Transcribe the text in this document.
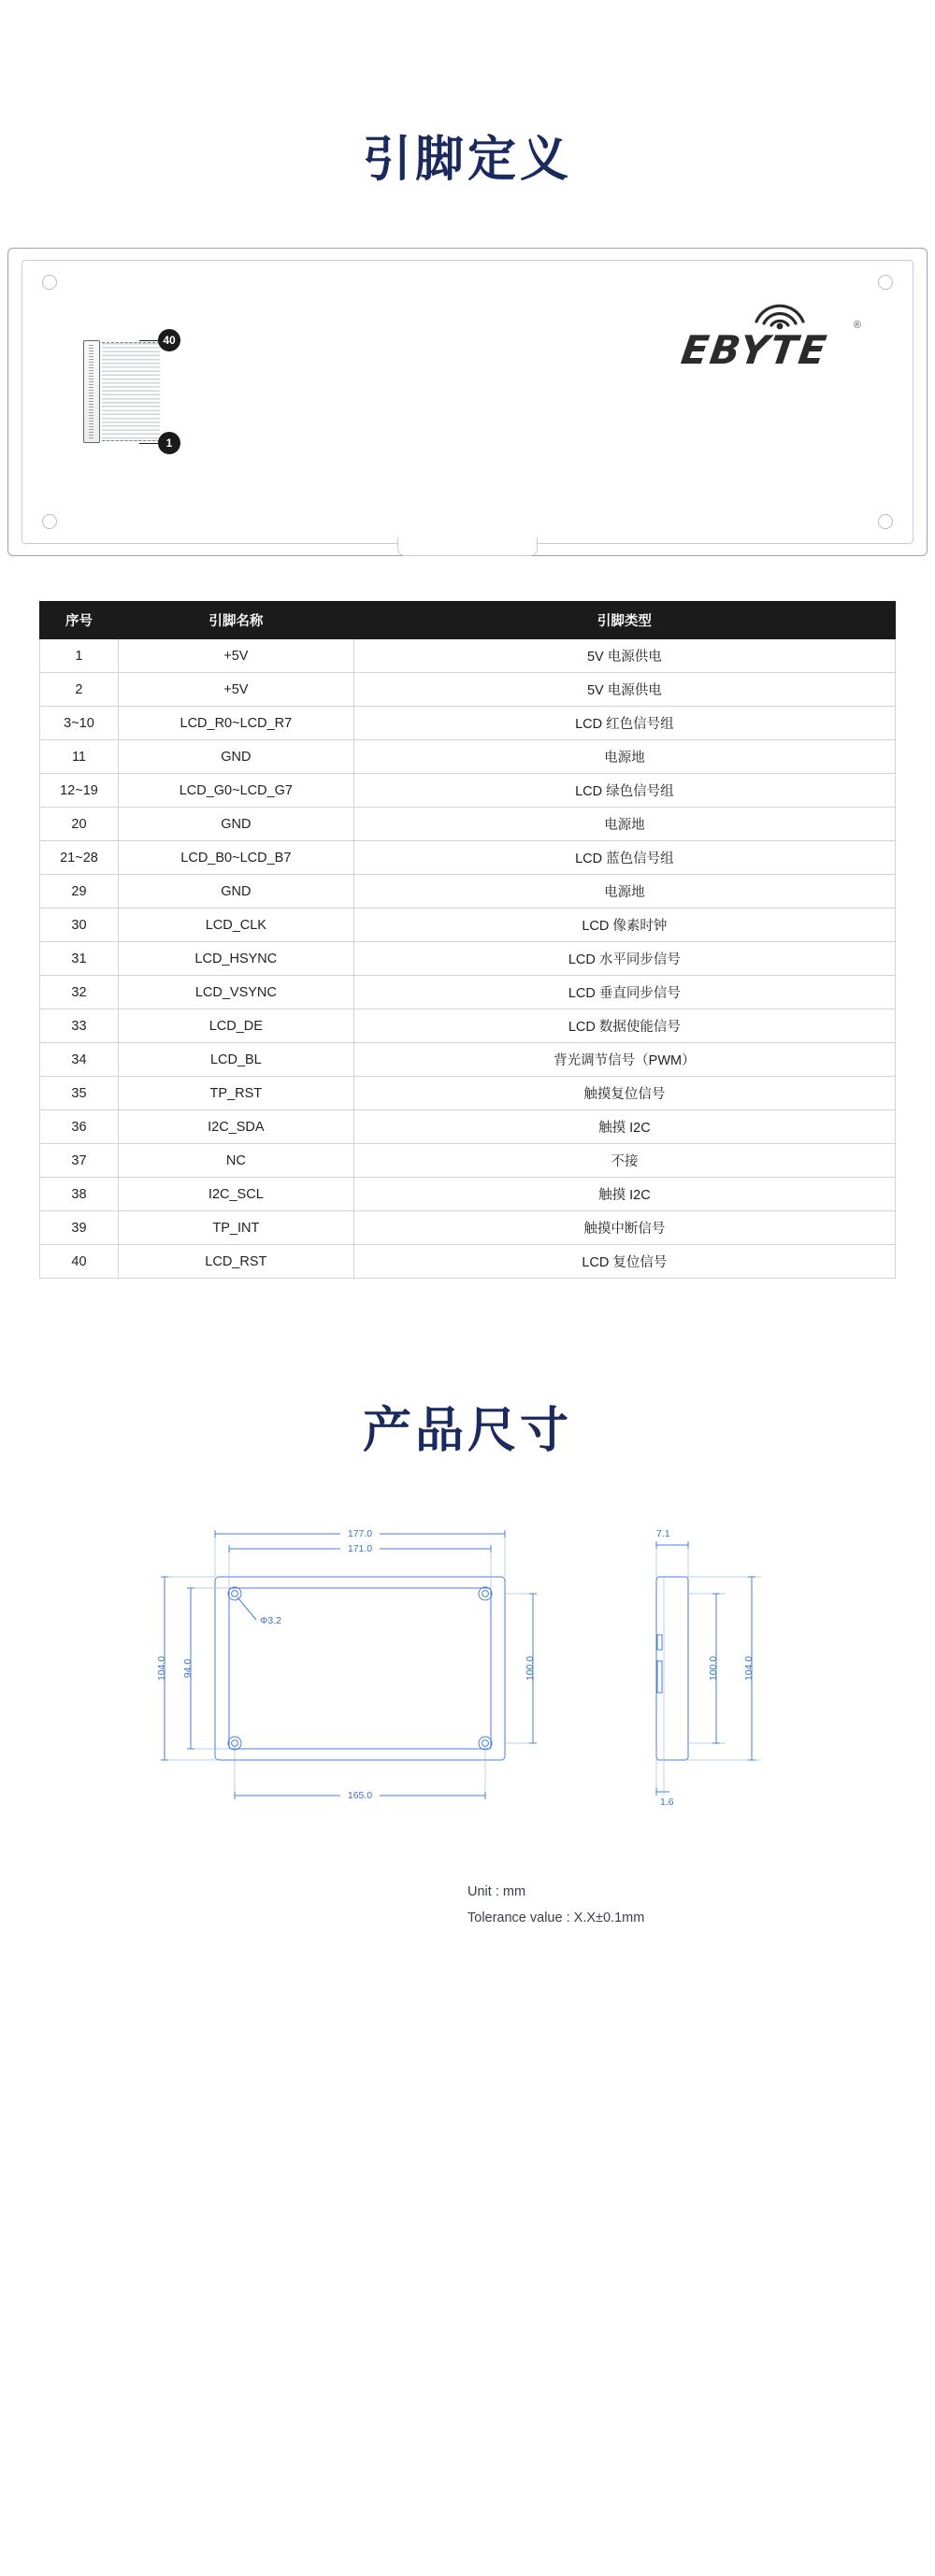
引脚定义
40
1
EBYTE
®
序号	引脚名称	引脚类型
1	+5V	5V 电源供电
2	+5V	5V 电源供电
3~10	LCD_R0~LCD_R7	LCD 红色信号组
11	GND	电源地
12~19	LCD_G0~LCD_G7	LCD 绿色信号组
20	GND	电源地
21~28	LCD_B0~LCD_B7	LCD 蓝色信号组
29	GND	电源地
30	LCD_CLK	LCD 像素时钟
31	LCD_HSYNC	LCD 水平同步信号
32	LCD_VSYNC	LCD 垂直同步信号
33	LCD_DE	LCD 数据使能信号
34	LCD_BL	背光调节信号（PWM）
35	TP_RST	触摸复位信号
36	I2C_SDA	触摸 I2C
37	NC	不接
38	I2C_SCL	触摸 I2C
39	TP_INT	触摸中断信号
40	LCD_RST	LCD 复位信号
产品尺寸
177.0
171.0
165.0
104.0 94.0	100.0
Φ3.2
7.1
1.6
100.0 104.0
Unit : mm
Tolerance value : X.X±0.1mm
